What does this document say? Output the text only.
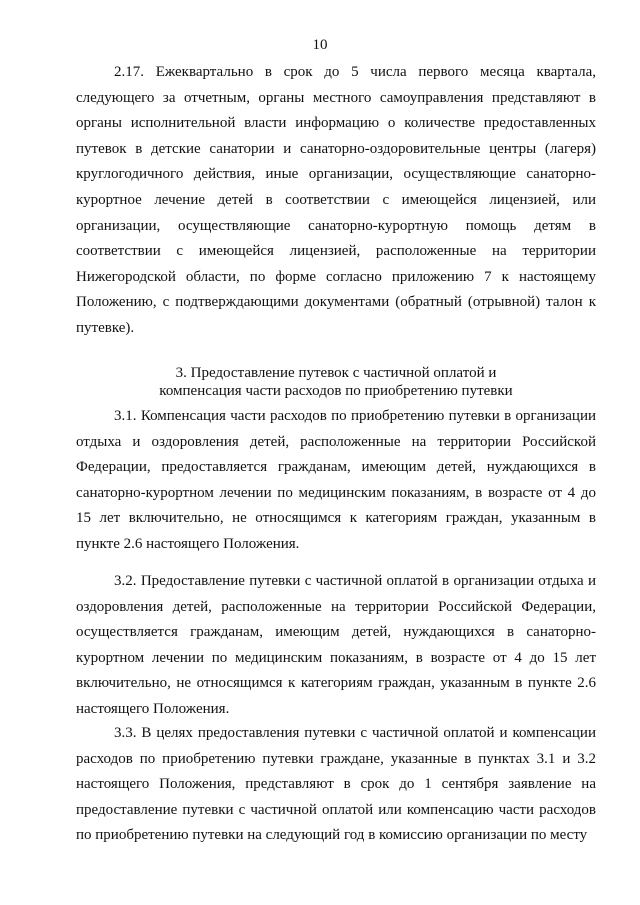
10

2.17. Ежеквартально в срок до 5 числа первого месяца квартала, следующего за отчетным, органы местного самоуправления представляют в органы исполнительной власти информацию о количестве предоставленных путевок в детские санатории и санаторно-оздоровительные центры (лагеря) круглогодичного действия, иные организации, осуществляющие санаторно-курортное лечение детей в соответствии с имеющейся лицензией, или организации, осуществляющие санаторно-курортную помощь детям в соответствии с имеющейся лицензией, расположенные на территории Нижегородской области, по форме согласно приложению 7 к настоящему Положению, с подтверждающими документами (обратный (отрывной) талон к путевке).

3. Предоставление путевок с частичной оплатой и
компенсация части расходов по приобретению путевки

3.1. Компенсация части расходов по приобретению путевки в организации отдыха и оздоровления детей, расположенные на территории Российской Федерации, предоставляется гражданам, имеющим детей, нуждающихся в санаторно-курортном лечении по медицинским показаниям, в возрасте от 4 до 15 лет включительно, не относящимся к категориям граждан, указанным в пункте 2.6 настоящего Положения.

3.2. Предоставление путевки с частичной оплатой в организации отдыха и оздоровления детей, расположенные на территории Российской Федерации, осуществляется гражданам, имеющим детей, нуждающихся в санаторно-курортном лечении по медицинским показаниям, в возрасте от 4 до 15 лет включительно, не относящимся к категориям граждан, указанным в пункте 2.6 настоящего Положения.

3.3. В целях предоставления путевки с частичной оплатой и компенсации расходов по приобретению путевки граждане, указанные в пунктах 3.1 и 3.2 настоящего Положения, представляют в срок до 1 сентября заявление на предоставление путевки с частичной оплатой или компенсацию части расходов по приобретению путевки на следующий год в комиссию организации по месту
